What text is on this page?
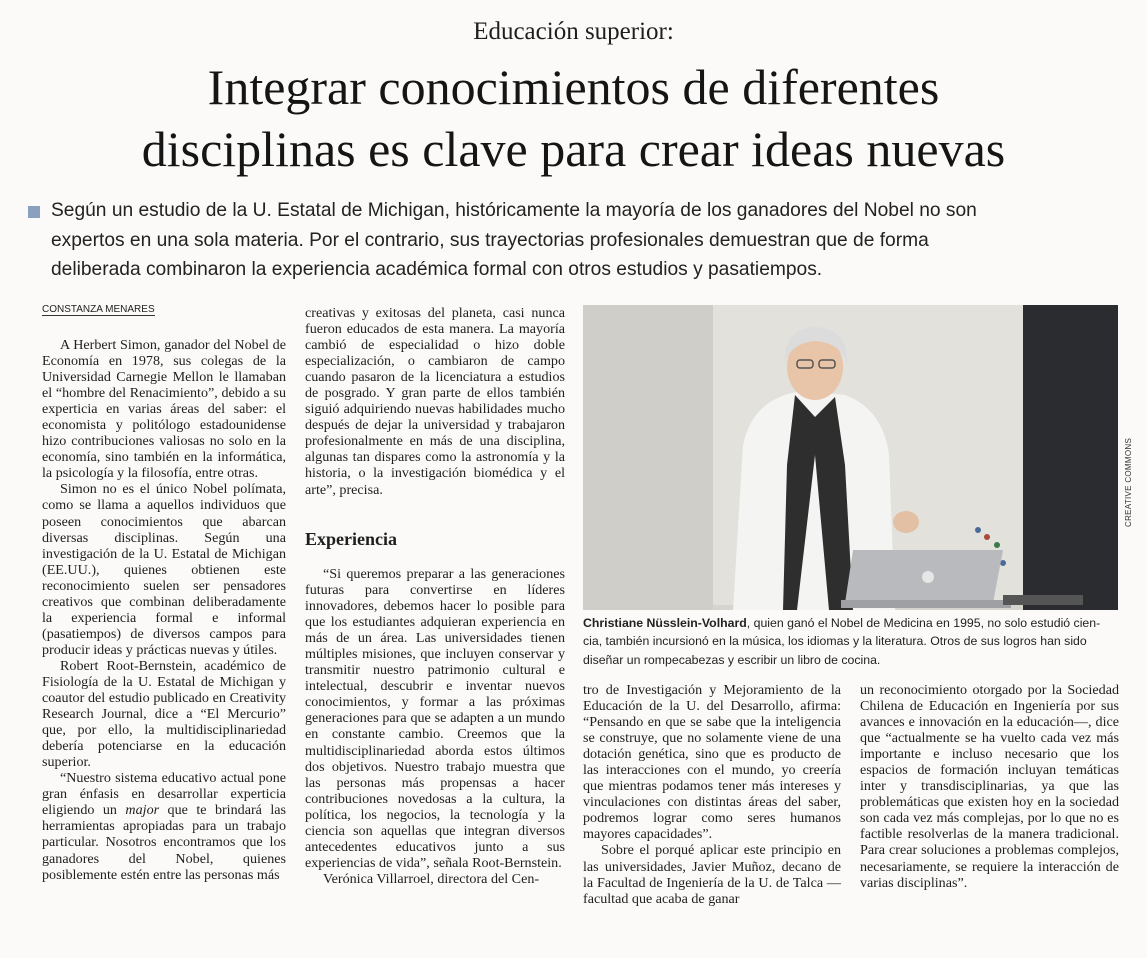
Educación superior:
Integrar conocimientos de diferentes
disciplinas es clave para crear ideas nuevas
Según un estudio de la U. Estatal de Michigan, históricamente la mayoría de los ganadores del Nobel no son
expertos en una sola materia. Por el contrario, sus trayectorias profesionales demuestran que de forma
deliberada combinaron la experiencia académica formal con otros estudios y pasatiempos.
CONSTANZA MENARES

A Herbert Simon, ganador del Nobel de Economía en 1978, sus colegas de la Universidad Carnegie Mellon le llamaban el “hombre del Renacimiento”, debido a su experticia en varias áreas del saber: el economista y politólogo estadounidense hizo contribuciones valiosas no solo en la economía, sino también en la informática, la psicología y la filosofía, entre otras.

Simon no es el único Nobel polímata, como se llama a aquellos individuos que poseen conocimientos que abarcan diversas disciplinas. Según una investigación de la U. Estatal de Michigan (EE.UU.), quienes obtienen este reconocimiento suelen ser pensadores creativos que combinan deliberadamente la experiencia formal e informal (pasatiempos) de diversos campos para producir ideas y prácticas nuevas y útiles.

Robert Root-Bernstein, académico de Fisiología de la U. Estatal de Michigan y coautor del estudio publicado en Creativity Research Journal, dice a “El Mercurio” que, por ello, la multidisciplinariedad debería potenciarse en la educación superior.

“Nuestro sistema educativo actual pone gran énfasis en desarrollar experticia eligiendo un major que te brindará las herramientas apropiadas para un trabajo particular. Nosotros encontramos que los ganadores del Nobel, quienes posiblemente estén entre las personas más

creativas y exitosas del planeta, casi nunca fueron educados de esta manera. La mayoría cambió de especialidad o hizo doble especialización, o cambiaron de campo cuando pasaron de la licenciatura a estudios de posgrado. Y gran parte de ellos también siguió adquiriendo nuevas habilidades mucho después de dejar la universidad y trabajaron profesionalmente en más de una disciplina, algunas tan dispares como la astronomía y la historia, o la investigación biomédica y el arte”, precisa.

Experiencia

“Si queremos preparar a las generaciones futuras para convertirse en líderes innovadores, debemos hacer lo posible para que los estudiantes adquieran experiencia en más de un área. Las universidades tienen múltiples misiones, que incluyen conservar y transmitir nuestro patrimonio cultural e intelectual, descubrir e inventar nuevos conocimientos, y formar a las próximas generaciones para que se adapten a un mundo en constante cambio. Creemos que la multidisciplinariedad aborda estos últimos dos objetivos. Nuestro trabajo muestra que las personas más propensas a hacer contribuciones novedosas a la cultura, la política, los negocios, la tecnología y la ciencia son aquellas que integran diversos antecedentes educativos junto a sus experiencias de vida”, señala Root-Bernstein.

Verónica Villarroel, directora del Cen-

CREATIVE COMMONS
Christiane Nüsslein-Volhard, quien ganó el Nobel de Medicina en 1995, no solo estudió cien-
cia, también incursionó en la música, los idiomas y la literatura. Otros de sus logros han sido
diseñar un rompecabezas y escribir un libro de cocina.

tro de Investigación y Mejoramiento de la Educación de la U. del Desarrollo, afirma: “Pensando en que se sabe que la inteligencia se construye, que no solamente viene de una dotación genética, sino que es producto de las interacciones con el mundo, yo creería que mientras podamos tener más intereses y vinculaciones con distintas áreas del saber, podremos lograr como seres humanos mayores capacidades”.

Sobre el porqué aplicar este principio en las universidades, Javier Muñoz, decano de la Facultad de Ingeniería de la U. de Talca —facultad que acaba de ganar

un reconocimiento otorgado por la Sociedad Chilena de Educación en Ingeniería por sus avances e innovación en la educación—, dice que “actualmente se ha vuelto cada vez más importante e incluso necesario que los espacios de formación incluyan temáticas inter y transdisciplinarias, ya que las problemáticas que existen hoy en la sociedad son cada vez más complejas, por lo que no es factible resolverlas de la manera tradicional. Para crear soluciones a problemas complejos, necesariamente, se requiere la interacción de varias disciplinas”.
